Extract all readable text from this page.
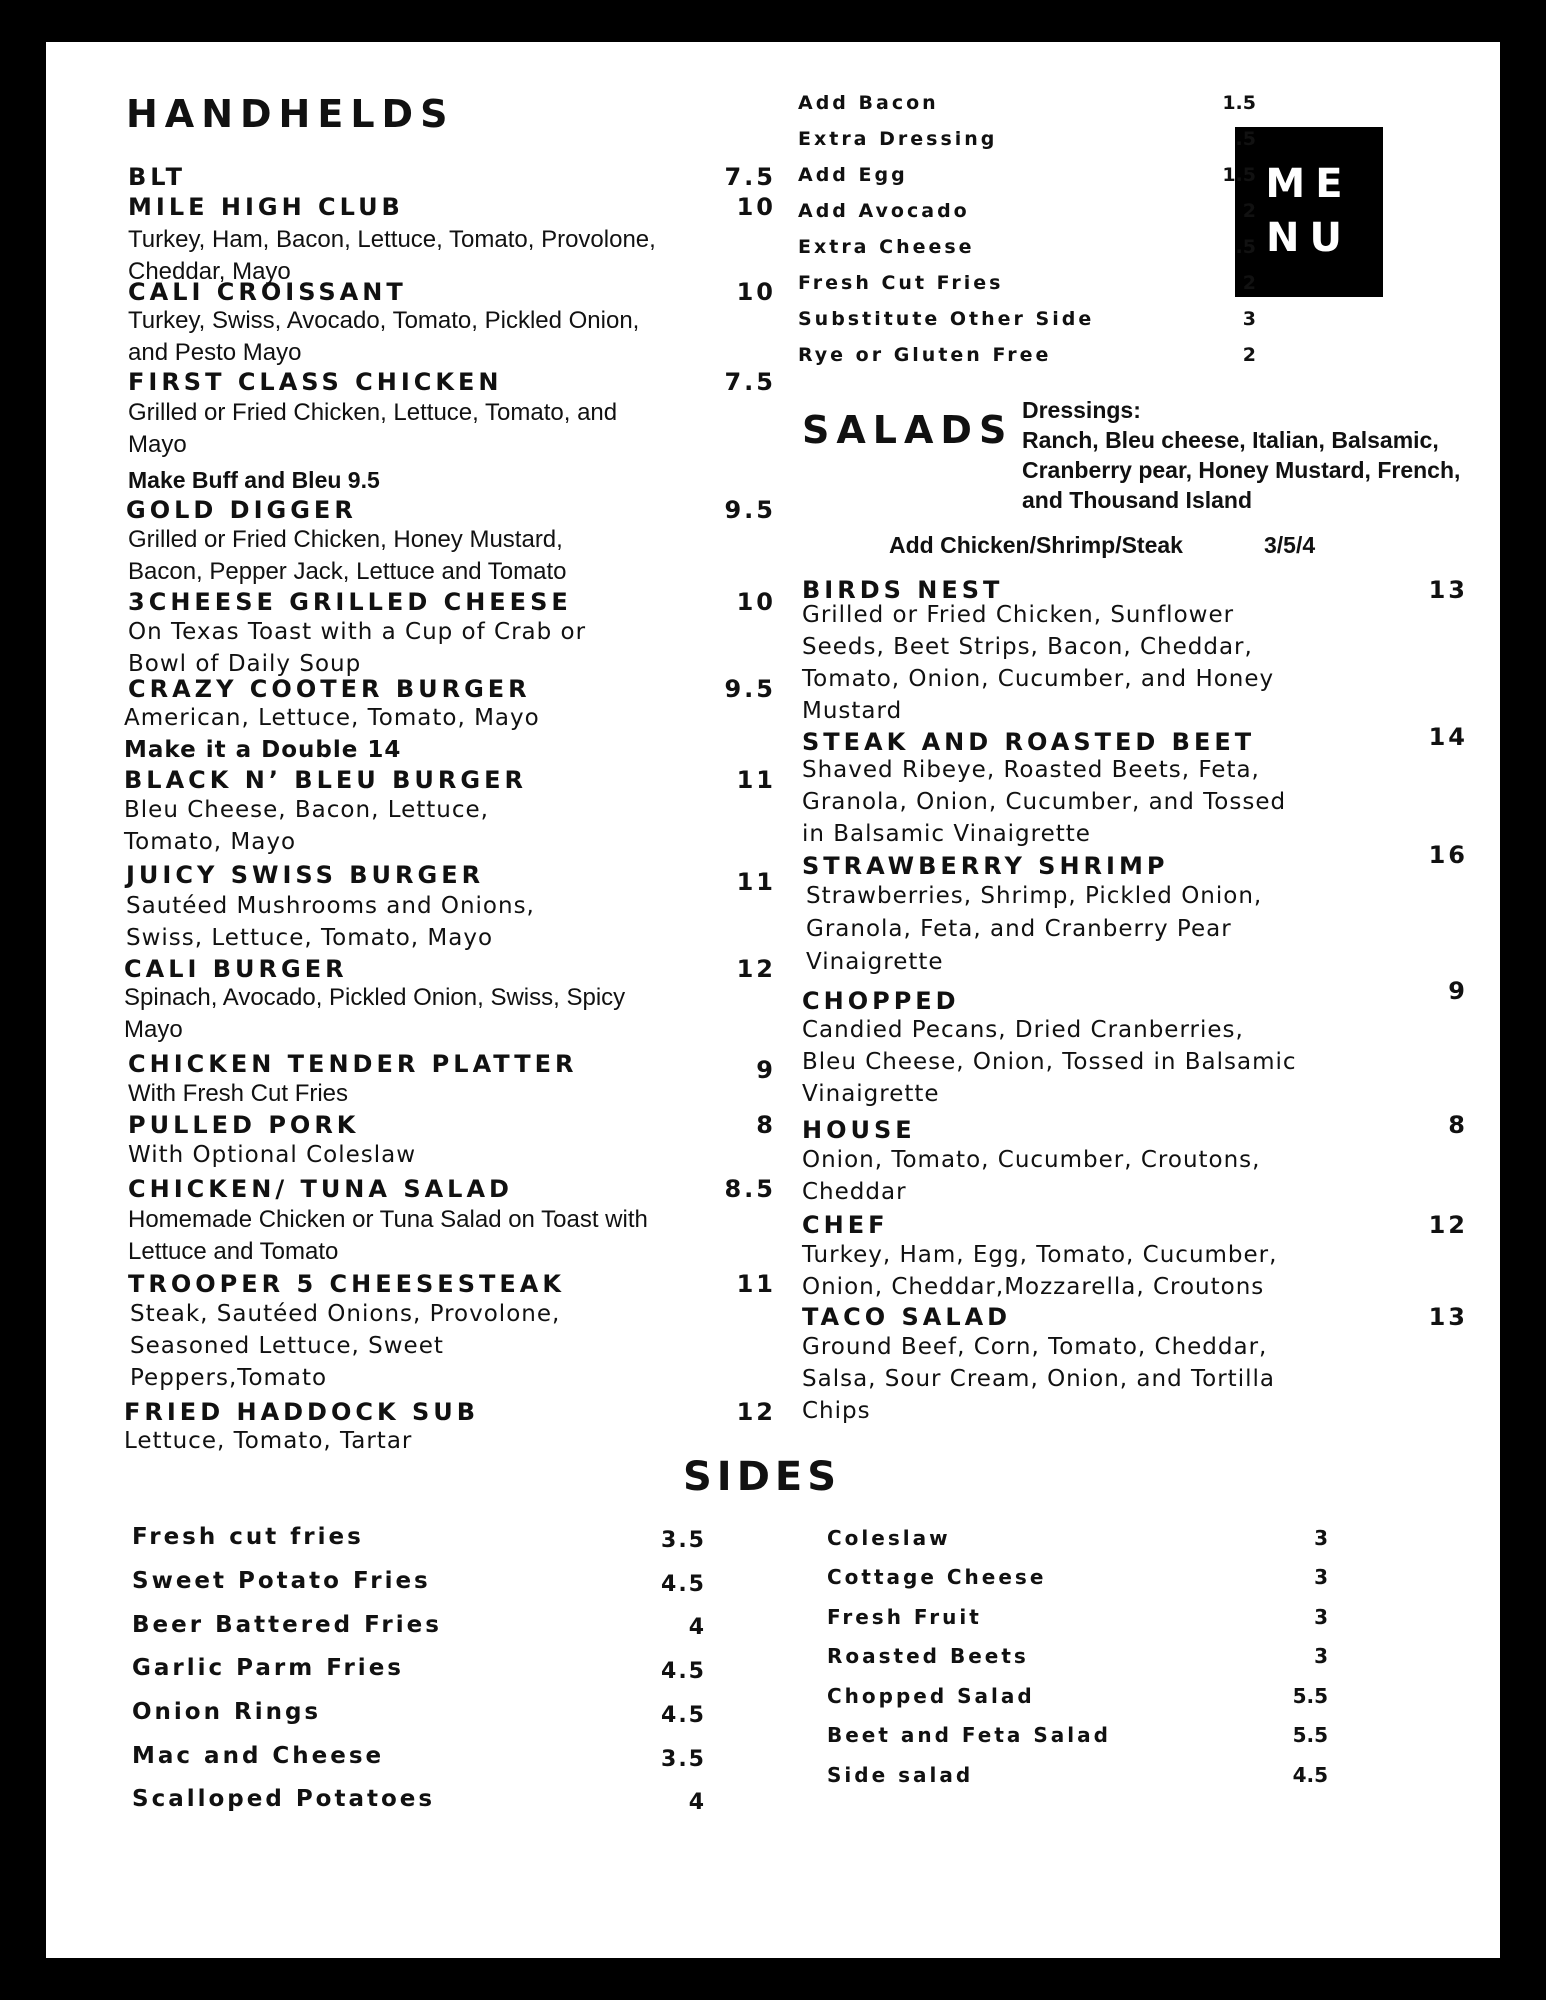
ME
NU
HANDHELDS
BLT	7.5
MILE HIGH CLUB	10
Turkey, Ham, Bacon, Lettuce, Tomato, Provolone, Cheddar, Mayo
CALI CROISSANT	10
Turkey, Swiss, Avocado, Tomato, Pickled Onion, and Pesto Mayo
FIRST CLASS CHICKEN	7.5
Grilled or Fried Chicken, Lettuce, Tomato, and Mayo
Make Buff and Bleu 9.5
GOLD DIGGER	9.5
Grilled or Fried Chicken, Honey Mustard, Bacon, Pepper Jack, Lettuce and Tomato
3CHEESE GRILLED CHEESE	10
On Texas Toast with a Cup of Crab or Bowl of Daily Soup
CRAZY COOTER BURGER	9.5
American, Lettuce, Tomato, Mayo
Make it a Double 14
BLACK N’ BLEU BURGER	11
Bleu Cheese, Bacon, Lettuce, Tomato, Mayo
JUICY SWISS BURGER	11
Sautéed Mushrooms and Onions, Swiss, Lettuce, Tomato, Mayo
CALI BURGER	12
Spinach, Avocado, Pickled Onion, Swiss, Spicy Mayo
CHICKEN TENDER PLATTER	9
With Fresh Cut Fries
PULLED PORK	8
With Optional Coleslaw
CHICKEN/ TUNA SALAD	8.5
Homemade Chicken or Tuna Salad on Toast with Lettuce and Tomato
TROOPER 5 CHEESESTEAK	11
Steak, Sautéed Onions, Provolone, Seasoned Lettuce, Sweet Peppers,Tomato
FRIED HADDOCK SUB	12
Lettuce, Tomato, Tartar
Add Bacon	1.5
Extra Dressing	.5
Add Egg	1.5
Add Avocado	2
Extra Cheese	.5
Fresh Cut Fries	2
Substitute Other Side	3
Rye or Gluten Free	2
SALADS Dressings:
Ranch, Bleu cheese, Italian, Balsamic, Cranberry pear, Honey Mustard, French, and Thousand Island
Add Chicken/Shrimp/Steak	3/5/4
BIRDS NEST	13
Grilled or Fried Chicken, Sunflower Seeds, Beet Strips, Bacon, Cheddar, Tomato, Onion, Cucumber, and Honey Mustard
STEAK AND ROASTED BEET	14
Shaved Ribeye, Roasted Beets, Feta, Granola, Onion, Cucumber, and Tossed in Balsamic Vinaigrette
STRAWBERRY SHRIMP	16
Strawberries, Shrimp, Pickled Onion, Granola, Feta, and Cranberry Pear Vinaigrette
CHOPPED	9
Candied Pecans, Dried Cranberries, Bleu Cheese, Onion, Tossed in Balsamic Vinaigrette
HOUSE	8
Onion, Tomato, Cucumber, Croutons, Cheddar
CHEF	12
Turkey, Ham, Egg, Tomato, Cucumber, Onion, Cheddar,Mozzarella, Croutons
TACO SALAD	13
Ground Beef, Corn, Tomato, Cheddar, Salsa, Sour Cream, Onion, and Tortilla Chips
SIDES
Fresh cut fries	3.5
Sweet Potato Fries	4.5
Beer Battered Fries	4
Garlic Parm Fries	4.5
Onion Rings	4.5
Mac and Cheese	3.5
Scalloped Potatoes	4
Coleslaw	3
Cottage Cheese	3
Fresh Fruit	3
Roasted Beets	3
Chopped Salad	5.5
Beet and Feta Salad	5.5
Side salad	4.5
